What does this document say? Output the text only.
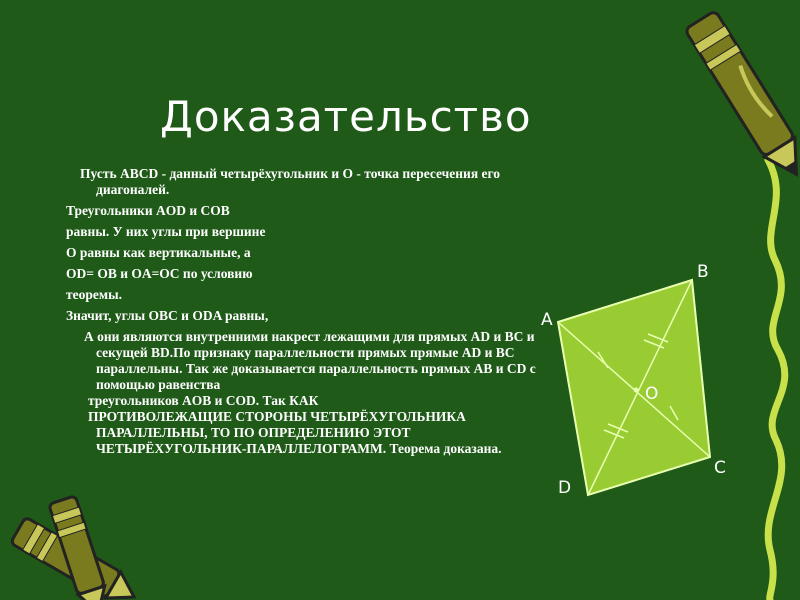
Доказательство

Пусть ABCD - данный четырёхугольник и O - точка пересечения его диагоналей.

Треугольники AOD и COB

равны. У них углы при вершине

O равны как вертикальные, а

OD= OB и OA=OC по условию

теоремы.

Значит, углы OBC и ODA равны,

А они являются внутренними накрест лежащими для прямых AD и BC и секущей BD.По признаку параллельности прямых прямые AD и BC параллельны. Так же доказывается параллельность прямых AB и CD с помощью равенства

треугольников AOB и COD. Так КАК

ПРОТИВОЛЕЖАЩИЕ СТОРОНЫ ЧЕТЫРЁХУГОЛЬНИКА ПАРАЛЛЕЛЬНЫ, ТО ПО ОПРЕДЕЛЕНИЮ ЭТОТ ЧЕТЫРЁХУГОЛЬНИК-ПАРАЛЛЕЛОГРАММ. Теорема доказана.

A
B
C
D
O
